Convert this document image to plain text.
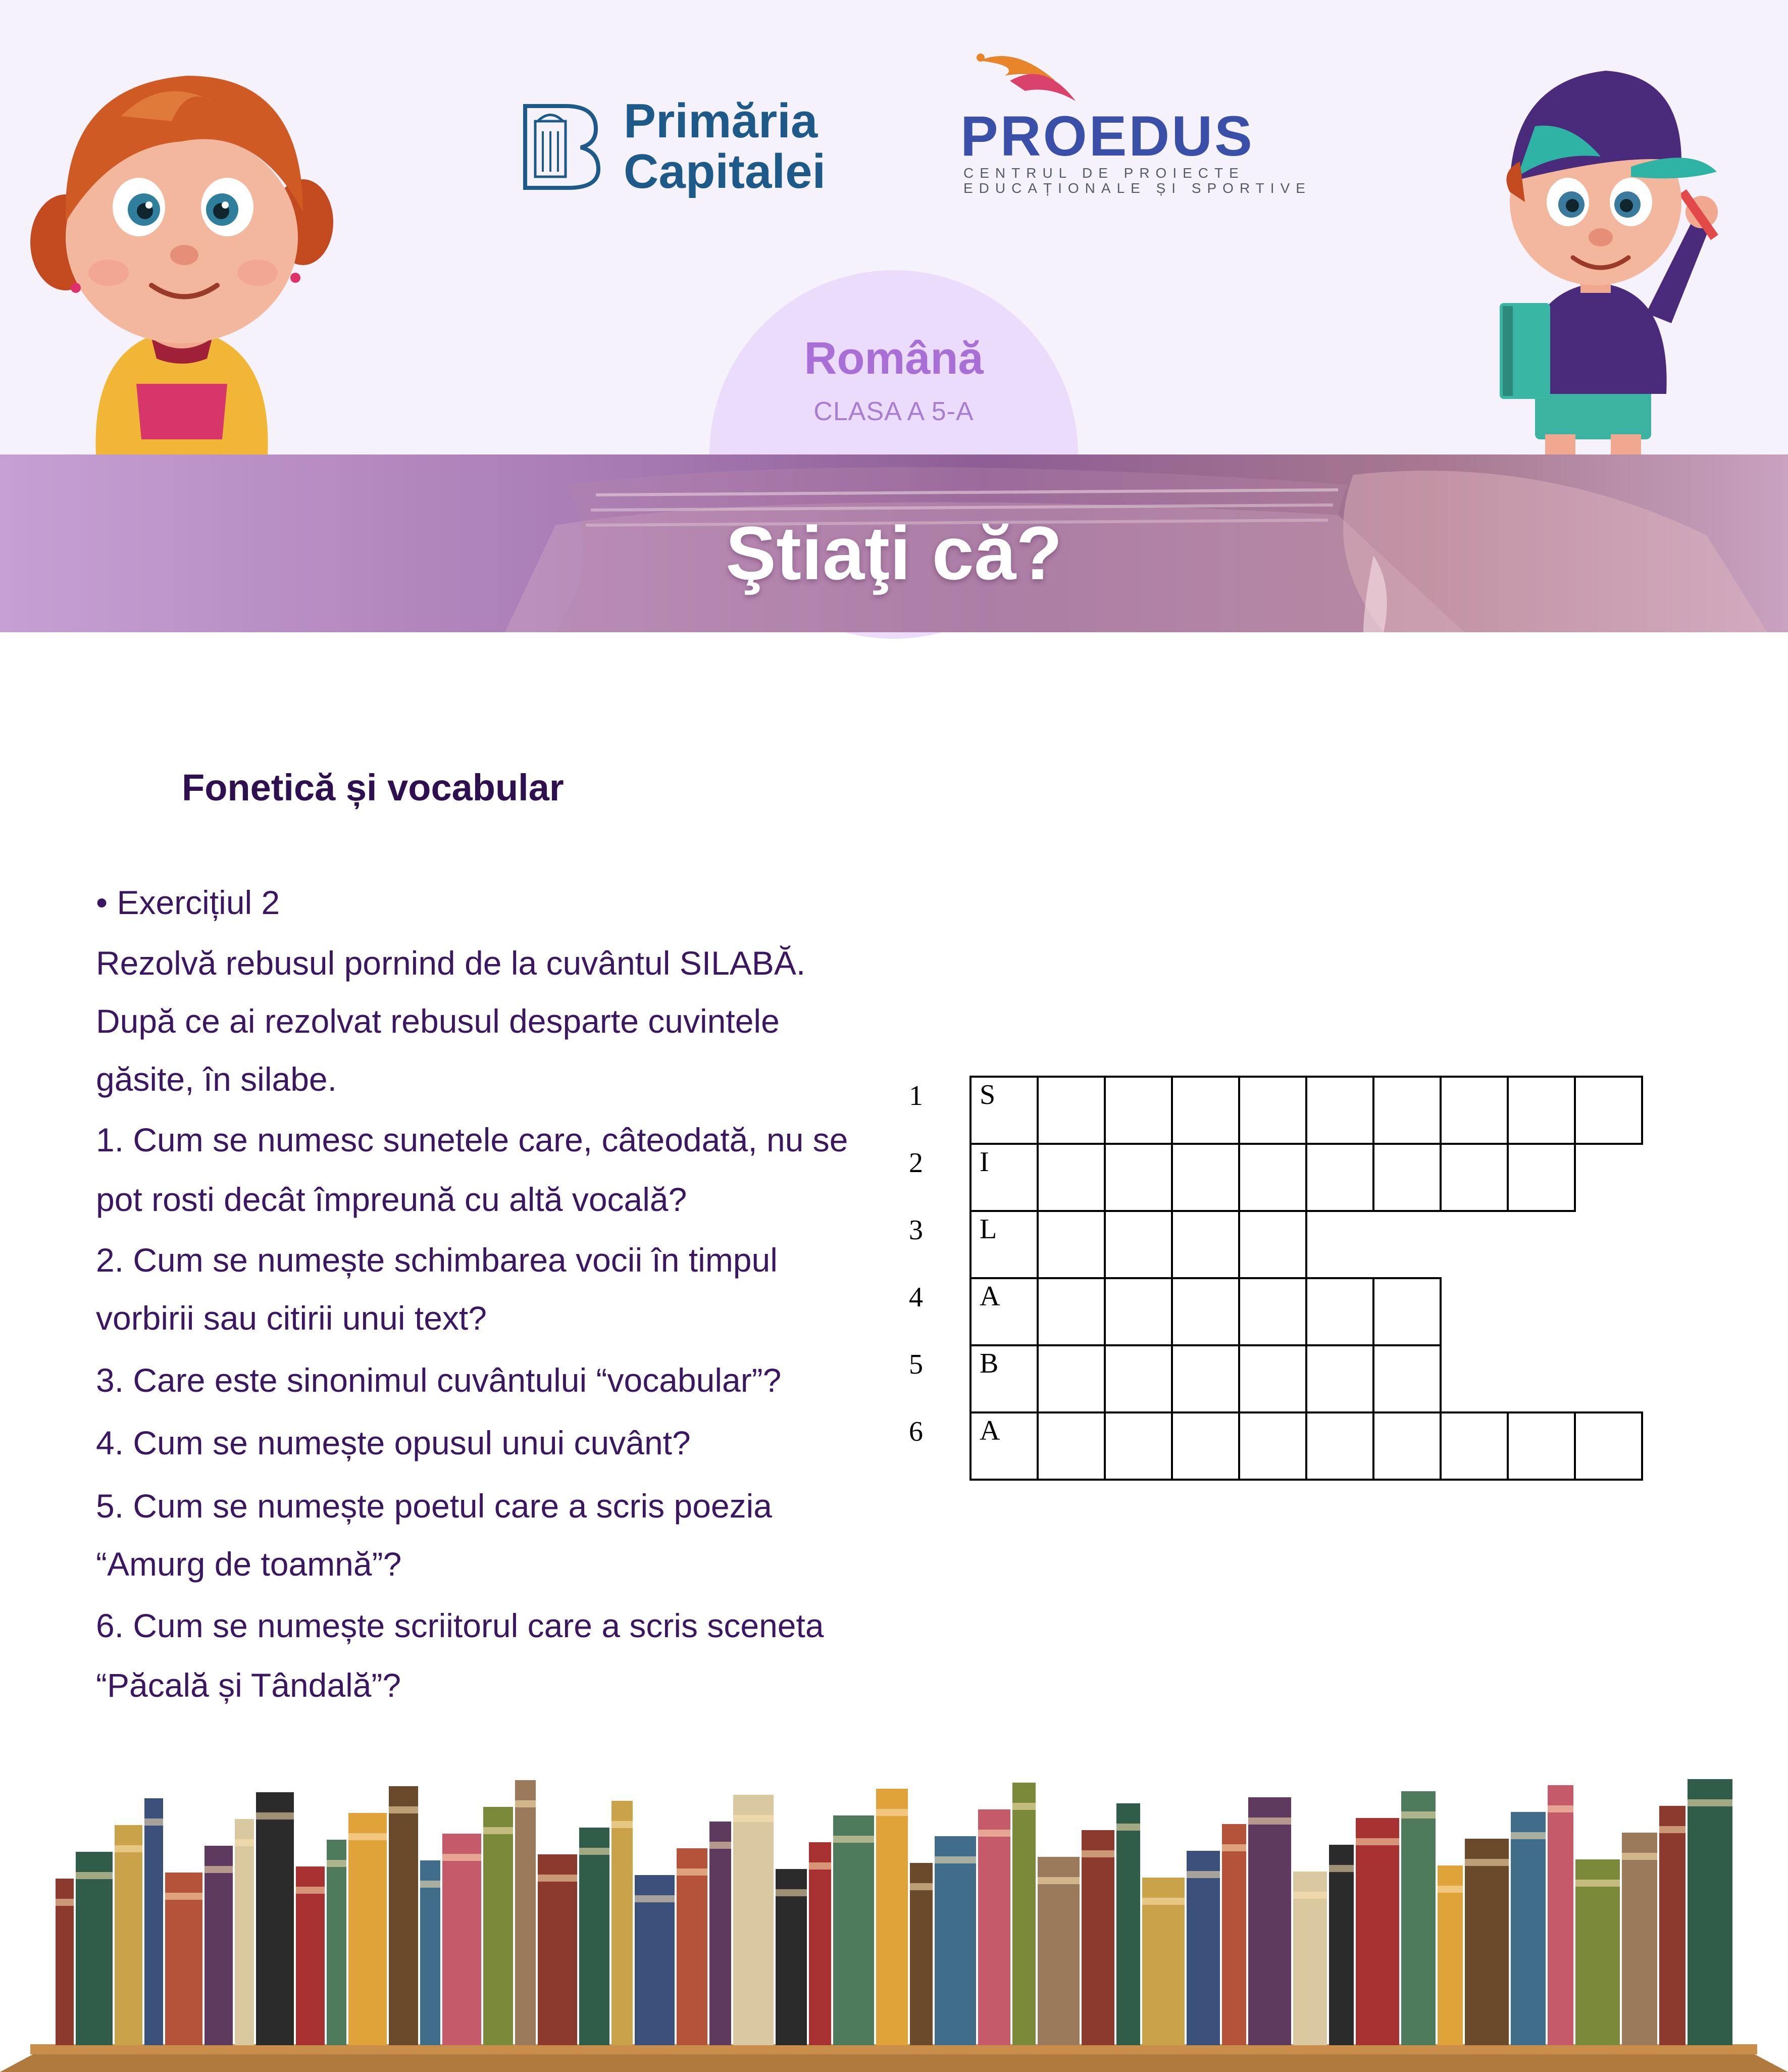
Primăria
Capitalei
PROEDUS
CENTRUL DE PROIECTE
EDUCAȚIONALE ȘI SPORTIVE
Română
CLASA A 5-A
Ştiaţi că?
Fonetică și vocabular
• Exercițiul 2
Rezolvă rebusul pornind de la cuvântul SILABĂ.
După ce ai rezolvat rebusul desparte cuvintele
găsite, în silabe.
1. Cum se numesc sunetele care, câteodată, nu se
pot rosti decât împreună cu altă vocală?
2. Cum se numește schimbarea vocii în timpul
vorbirii sau citirii unui text?
3. Care este sinonimul cuvântului “vocabular”?
4. Cum se numește opusul unui cuvânt?
5. Cum se numește poetul care a scris poezia
“Amurg de toamnă”?
6. Cum se numește scriitorul care a scris sceneta
“Păcală și Tândală”?
1	S
2	I
3	L
4	A
5	B
6	A
